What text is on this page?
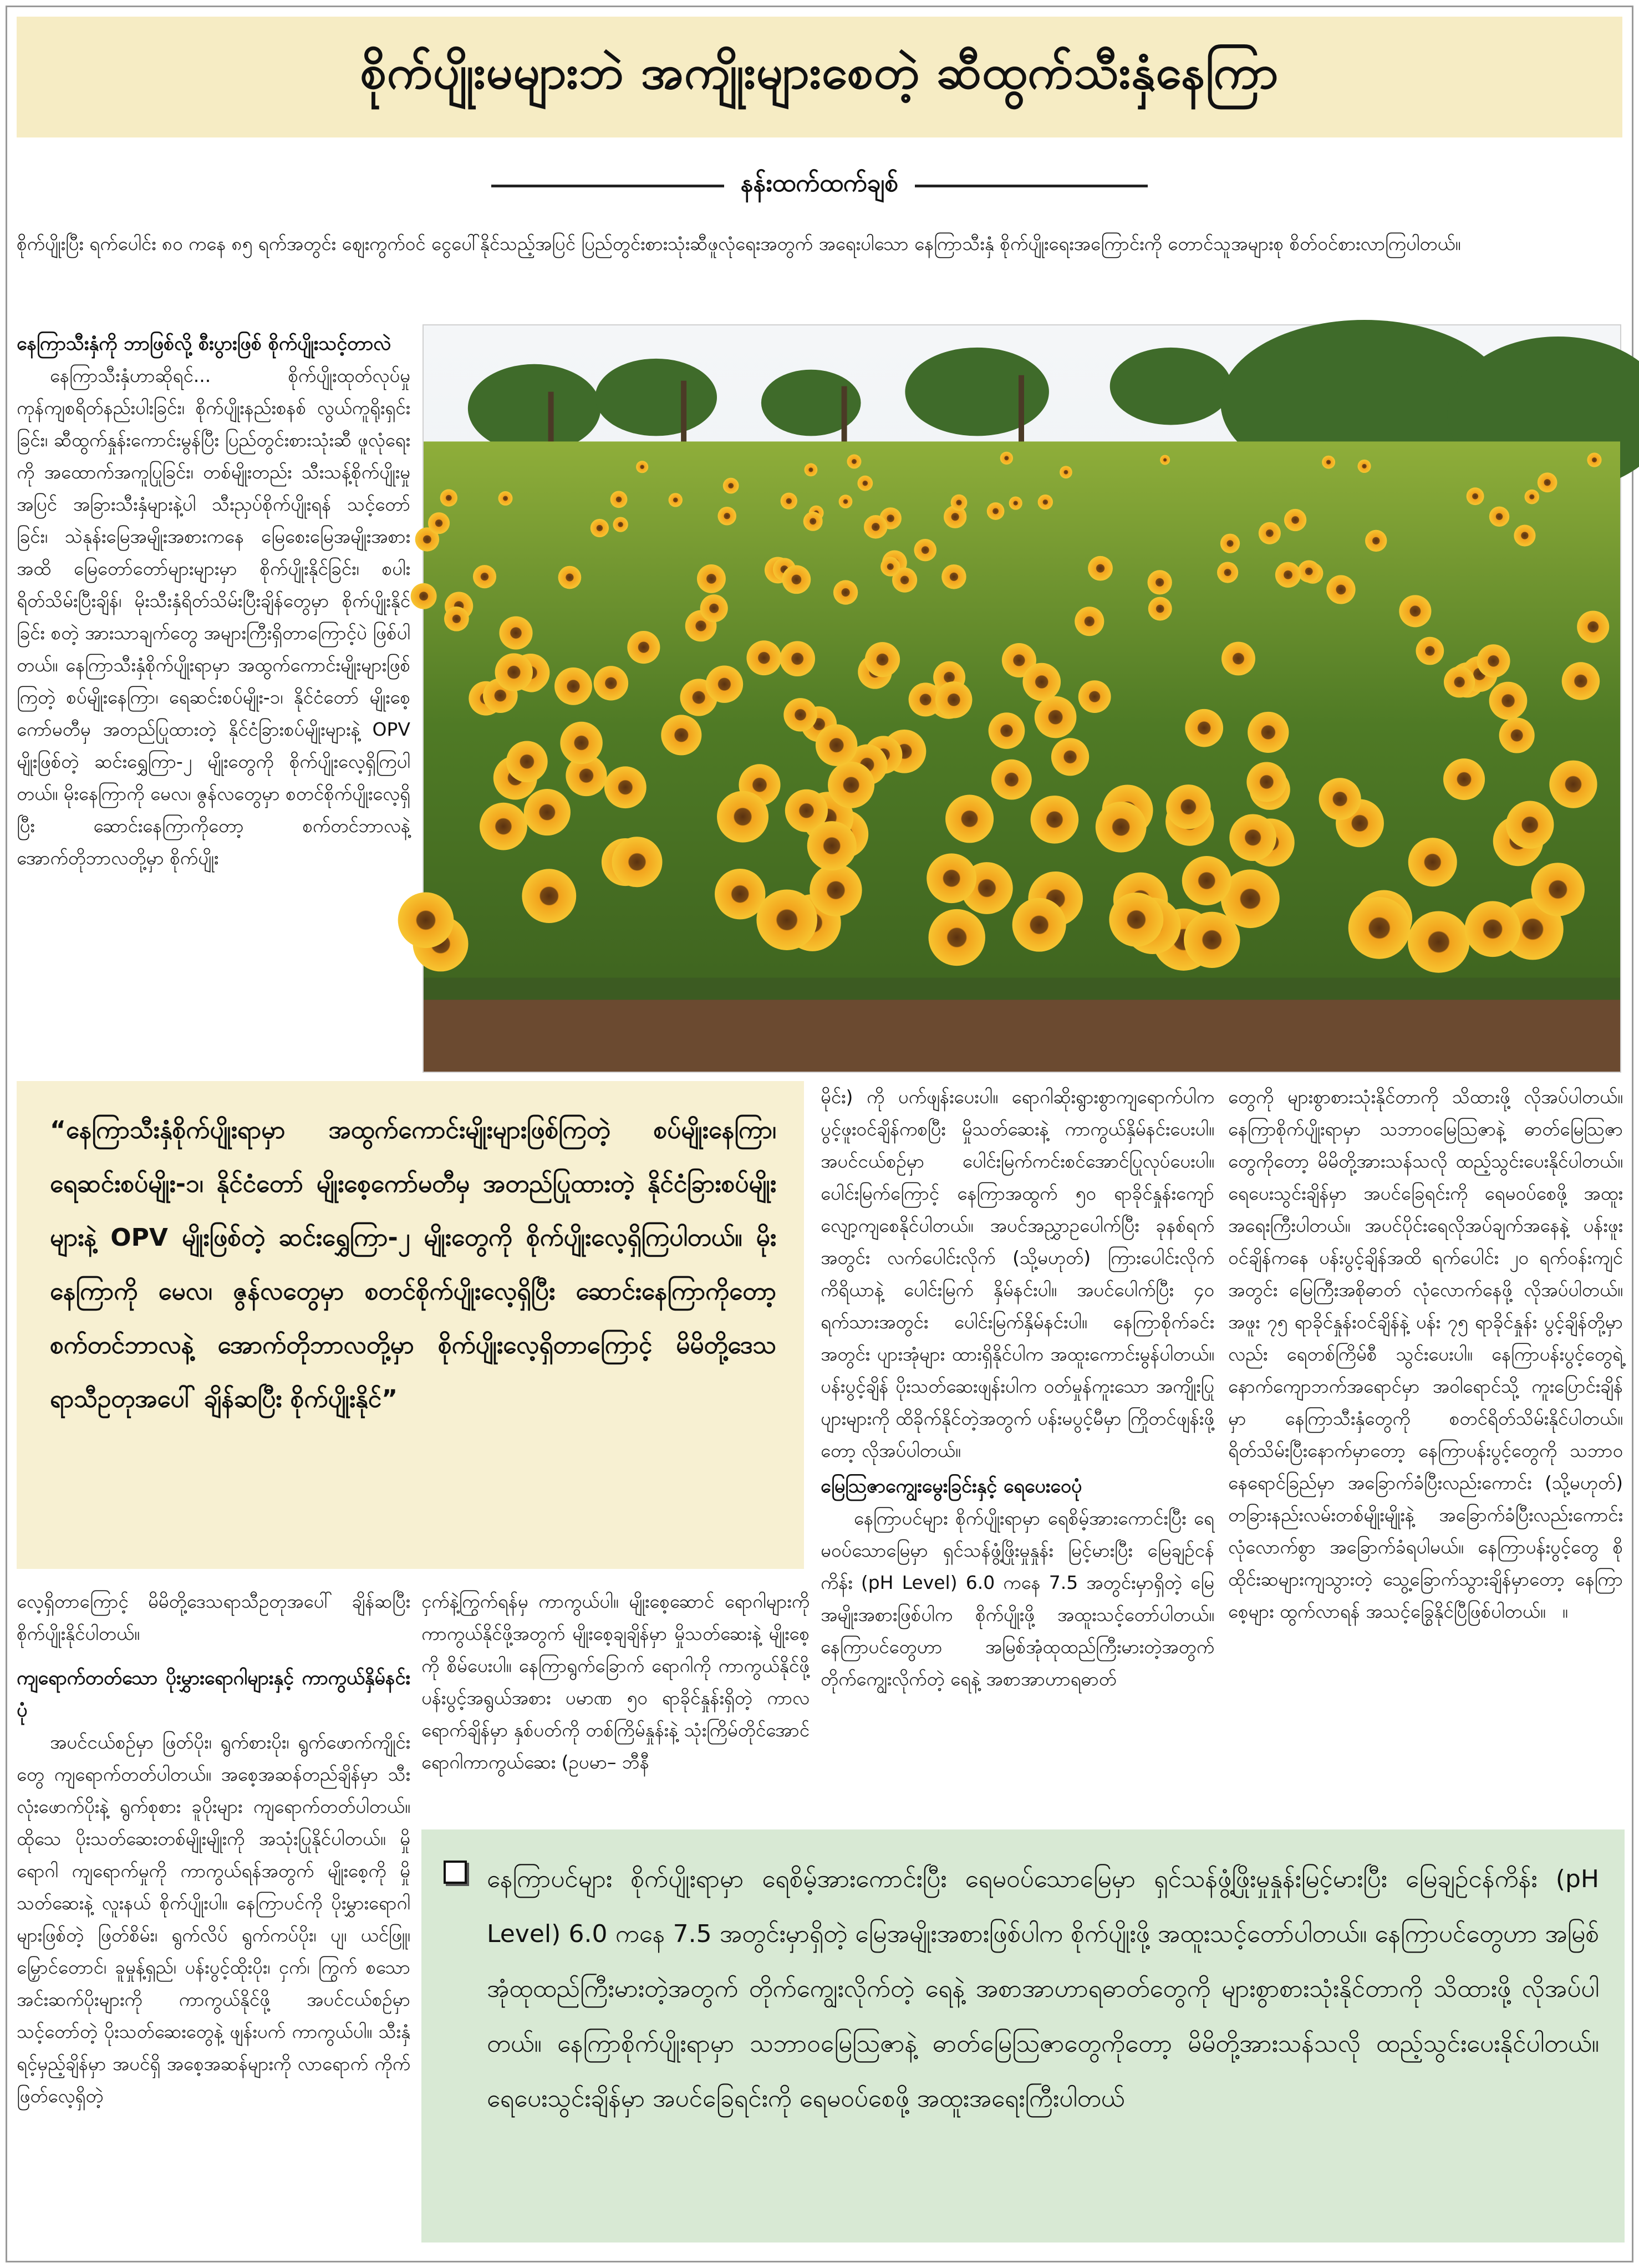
စိုက်ပျိုးမများဘဲ အကျိုးများစေတဲ့ ဆီထွက်သီးနှံနေကြာ
နန်းထက်ထက်ချစ်

စိုက်ပျိုးပြီး ရက်ပေါင်း ၈၀ ကနေ ၈၅ ရက်အတွင်း ဈေးကွက်ဝင် ငွေပေါ်နိုင်သည့်အပြင် ပြည်တွင်းစားသုံးဆီဖူလုံရေးအတွက် အရေးပါသော နေကြာသီးနှံ စိုက်ပျိုးရေးအကြောင်းကို တောင်သူအများစု စိတ်ဝင်စားလာကြပါတယ်။

နေကြာသီးနှံကို ဘာဖြစ်လို့ စီးပွားဖြစ် စိုက်ပျိုးသင့်တာလဲ

နေကြာသီးနှံဟာဆိုရင်... စိုက်ပျိုးထုတ်လုပ်မှုကုန်ကျစရိတ်နည်းပါးခြင်း၊ စိုက်ပျိုးနည်းစနစ် လွယ်ကူရိုးရှင်းခြင်း၊ ဆီထွက်နှုန်းကောင်းမွန်ပြီး ပြည်တွင်းစားသုံးဆီ ဖူလုံရေးကို အထောက်အကူပြုခြင်း၊ တစ်မျိုးတည်း သီးသန့်စိုက်ပျိုးမှုအပြင် အခြားသီးနှံများနဲ့ပါ သီးညှပ်စိုက်ပျိုးရန် သင့်တော်ခြင်း၊ သဲနုန်းမြေအမျိုးအစားကနေ မြေစေးမြေအမျိုးအစားအထိ မြေတော်တော်များများမှာ စိုက်ပျိုးနိုင်ခြင်း၊ စပါးရိတ်သိမ်းပြီးချိန်၊ မိုးသီးနှံရိတ်သိမ်းပြီးချိန်တွေမှာ စိုက်ပျိုးနိုင်ခြင်း စတဲ့ အားသာချက်တွေ အများကြီးရှိတာကြောင့်ပဲ ဖြစ်ပါတယ်။ နေကြာသီးနှံစိုက်ပျိုးရာမှာ အထွက်ကောင်းမျိုးများဖြစ်ကြတဲ့ စပ်မျိုးနေကြာ၊ ရေဆင်းစပ်မျိုး-၁၊ နိုင်ငံတော် မျိုးစေ့ကော်မတီမှ အတည်ပြုထားတဲ့ နိုင်ငံခြားစပ်မျိုးများနဲ့ OPV မျိုးဖြစ်တဲ့ ဆင်းရွှေကြာ-၂ မျိုးတွေကို စိုက်ပျိုးလေ့ရှိကြပါတယ်။ မိုးနေကြာကို မေလ၊ ဇွန်လတွေမှာ စတင်စိုက်ပျိုးလေ့ရှိပြီး ဆောင်းနေကြာကိုတော့ စက်တင်ဘာလနဲ့ အောက်တိုဘာလတို့မှာ စိုက်ပျိုး

“နေကြာသီးနှံစိုက်ပျိုးရာမှာ အထွက်ကောင်းမျိုးများဖြစ်ကြတဲ့ စပ်မျိုးနေကြာ၊ ရေဆင်းစပ်မျိုး-၁၊ နိုင်ငံတော် မျိုးစေ့ကော်မတီမှ အတည်ပြုထားတဲ့ နိုင်ငံခြားစပ်မျိုးများနဲ့ OPV မျိုးဖြစ်တဲ့ ဆင်းရွှေကြာ-၂ မျိုးတွေကို စိုက်ပျိုးလေ့ရှိကြပါတယ်။ မိုးနေကြာကို မေလ၊ ဇွန်လတွေမှာ စတင်စိုက်ပျိုးလေ့ရှိပြီး ဆောင်းနေကြာကိုတော့ စက်တင်ဘာလနဲ့ အောက်တိုဘာလတို့မှာ စိုက်ပျိုးလေ့ရှိတာကြောင့် မိမိတို့ဒေသရာသီဥတုအပေါ် ချိန်ဆပြီး စိုက်ပျိုးနိုင်”

မိုင်း) ကို ပက်ဖျန်းပေးပါ။ ရောဂါဆိုးရွားစွာကျရောက်ပါက ပွင့်ဖူးဝင်ချိန်ကစပြီး မှိုသတ်ဆေးနဲ့ ကာကွယ်နှိမ်နင်းပေးပါ။ အပင်ငယ်စဉ်မှာ ပေါင်းမြက်ကင်းစင်အောင်ပြုလုပ်ပေးပါ။ ပေါင်းမြက်ကြောင့် နေကြာအထွက် ၅၀ ရာခိုင်နှုန်းကျော် လျော့ကျစေနိုင်ပါတယ်။ အပင်အညွှာဥပေါက်ပြီး ခုနစ်ရက်အတွင်း လက်ပေါင်းလိုက် (သို့မဟုတ်) ကြားပေါင်းလိုက်ကိရိယာနဲ့ ပေါင်းမြက် နှိမ်နင်းပါ။ အပင်ပေါက်ပြီး ၄၀ ရက်သားအတွင်း ပေါင်းမြက်နှိမ်နင်းပါ။ နေကြာစိုက်ခင်းအတွင်း ပျားအုံများ ထားရှိနိုင်ပါက အထူးကောင်းမွန်ပါတယ်။ ပန်းပွင့်ချိန် ပိုးသတ်ဆေးဖျန်းပါက ဝတ်မှုန်ကူးသော အကျိုးပြုပျားများကို ထိခိုက်နိုင်တဲ့အတွက် ပန်းမပွင့်မီမှာ ကြိုတင်ဖျန်းဖို့တော့ လိုအပ်ပါတယ်။

မြေဩဇာကျွေးမွေးခြင်းနှင့် ရေပေးဝေပုံ

နေကြာပင်များ စိုက်ပျိုးရာမှာ ရေစိမ့်အားကောင်းပြီး ရေမဝပ်သောမြေမှာ ရှင်သန်ဖွံ့ဖြိုးမှုနှုန်း မြင့်မားပြီး မြေချဉ်ငန်ကိန်း (pH Level) 6.0 ကနေ 7.5 အတွင်းမှာရှိတဲ့ မြေအမျိုးအစားဖြစ်ပါက စိုက်ပျိုးဖို့ အထူးသင့်တော်ပါတယ်။ နေကြာပင်တွေဟာ အမြစ်အုံထုထည်ကြီးမားတဲ့အတွက် တိုက်ကျွေးလိုက်တဲ့ ရေနဲ့ အစာအာဟာရဓာတ်

တွေကို များစွာစားသုံးနိုင်တာကို သိထားဖို့ လိုအပ်ပါတယ်။ နေကြာစိုက်ပျိုးရာမှာ သဘာဝမြေဩဇာနဲ့ ဓာတ်မြေဩဇာတွေကိုတော့ မိမိတို့အားသန်သလို ထည့်သွင်းပေးနိုင်ပါတယ်။ ရေပေးသွင်းချိန်မှာ အပင်ခြေရင်းကို ရေမဝပ်စေဖို့ အထူးအရေးကြီးပါတယ်။ အပင်ပိုင်းရေလိုအပ်ချက်အနေနဲ့ ပန်းဖူးဝင်ချိန်ကနေ ပန်းပွင့်ချိန်အထိ ရက်ပေါင်း ၂၀ ရက်ဝန်းကျင်အတွင်း မြေကြီးအစိုဓာတ် လုံလောက်နေဖို့ လိုအပ်ပါတယ်။ အဖူး ၇၅ ရာခိုင်နှုန်းဝင်ချိန်နဲ့ ပန်း ၇၅ ရာခိုင်နှုန်း ပွင့်ချိန်တို့မှာလည်း ရေတစ်ကြိမ်စီ သွင်းပေးပါ။ နေကြာပန်းပွင့်တွေရဲ့ နောက်ကျောဘက်အရောင်မှာ အဝါရောင်သို့ ကူးပြောင်းချိန်မှာ နေကြာသီးနှံတွေကို စတင်ရိတ်သိမ်းနိုင်ပါတယ်။ ရိတ်သိမ်းပြီးနောက်မှာတော့ နေကြာပန်းပွင့်တွေကို သဘာဝနေရောင်ခြည်မှာ အခြောက်ခံပြီးလည်းကောင်း (သို့မဟုတ်) တခြားနည်းလမ်းတစ်မျိုးမျိုးနဲ့ အခြောက်ခံပြီးလည်းကောင်း လုံလောက်စွာ အခြောက်ခံရပါမယ်။ နေကြာပန်းပွင့်တွေ စိုထိုင်းဆများကျသွားတဲ့ သွေ့ခြောက်သွားချိန်မှာတော့ နေကြာစေ့များ ထွက်လာရန် အသင့်ခြွေနိုင်ပြီဖြစ်ပါတယ်။ ။

လေ့ရှိတာကြောင့် မိမိတို့ဒေသရာသီဥတုအပေါ် ချိန်ဆပြီး စိုက်ပျိုးနိုင်ပါတယ်။

ကျရောက်တတ်သော ပိုးမွှားရောဂါများနှင့် ကာကွယ်နှိမ်နင်းပုံ

အပင်ငယ်စဉ်မှာ ဖြတ်ပိုး၊ ရွက်စားပိုး၊ ရွက်ဖောက်ကျိုင်းတွေ ကျရောက်တတ်ပါတယ်။ အစေ့အဆန်တည်ချိန်မှာ သီးလုံးဖောက်ပိုးနဲ့ ရွက်စုစား ခူပိုးများ ကျရောက်တတ်ပါတယ်။ ထိုသေ ပိုးသတ်ဆေးတစ်မျိုးမျိုးကို အသုံးပြုနိုင်ပါတယ်။ မှိုရောဂါ ကျရောက်မှုကို ကာကွယ်ရန်အတွက် မျိုးစေ့ကို မှိုသတ်ဆေးနဲ့ လူးနယ် စိုက်ပျိုးပါ။ နေကြာပင်ကို ပိုးမွှားရောဂါများဖြစ်တဲ့ ဖြတ်စိမ်း၊ ရွက်လိပ် ရွက်ကပ်ပိုး၊ ပျ၊ ယင်ဖြူ၊ မြှောင်တောင်၊ ခူမှုန့်ရှည်၊ ပန်းပွင့်ထိုးပိုး၊ ငှက်၊ ကြွက် စသော အင်းဆက်ပိုးများကို ကာကွယ်နိုင်ဖို့ အပင်ငယ်စဉ်မှာ သင့်တော်တဲ့ ပိုးသတ်ဆေးတွေနဲ့ ဖျန်းပက် ကာကွယ်ပါ။ သီးနှံရင့်မှည့်ချိန်မှာ အပင်ရှိ အစေ့အဆန်များကို လာရောက် ကိုက်ဖြတ်လေ့ရှိတဲ့

ငှက်နဲ့ကြွက်ရန်မှ ကာကွယ်ပါ။ မျိုးစေ့ဆောင် ရောဂါများကို ကာကွယ်နိုင်ဖို့အတွက် မျိုးစေ့ချချိန်မှာ မှိုသတ်ဆေးနဲ့ မျိုးစေ့ကို စိမ်ပေးပါ။ နေကြာရွက်ခြောက် ရောဂါကို ကာကွယ်နိုင်ဖို့ ပန်းပွင့်အရွယ်အစား ပမာဏ ၅၀ ရာခိုင်နှုန်းရှိတဲ့ ကာလ ရောက်ချိန်မှာ နှစ်ပတ်ကို တစ်ကြိမ်နှုန်းနဲ့ သုံးကြိမ်တိုင်အောင် ရောဂါကာကွယ်ဆေး (ဥပမာ– ဘီနီ

နေကြာပင်များ စိုက်ပျိုးရာမှာ ရေစိမ့်အားကောင်းပြီး ရေမဝပ်သောမြေမှာ ရှင်သန်ဖွံ့ဖြိုးမှုနှုန်းမြင့်မားပြီး မြေချဉ်ငန်ကိန်း (pH Level) 6.0 ကနေ 7.5 အတွင်းမှာရှိတဲ့ မြေအမျိုးအစားဖြစ်ပါက စိုက်ပျိုးဖို့ အထူးသင့်တော်ပါတယ်။ နေကြာပင်တွေဟာ အမြစ်အုံထုထည်ကြီးမားတဲ့အတွက် တိုက်ကျွေးလိုက်တဲ့ ရေနဲ့ အစာအာဟာရဓာတ်တွေကို များစွာစားသုံးနိုင်တာကို သိထားဖို့ လိုအပ်ပါတယ်။ နေကြာစိုက်ပျိုးရာမှာ သဘာဝမြေဩဇာနဲ့ ဓာတ်မြေဩဇာတွေကိုတော့ မိမိတို့အားသန်သလို ထည့်သွင်းပေးနိုင်ပါတယ်။ ရေပေးသွင်းချိန်မှာ အပင်ခြေရင်းကို ရေမဝပ်စေဖို့ အထူးအရေးကြီးပါတယ်
